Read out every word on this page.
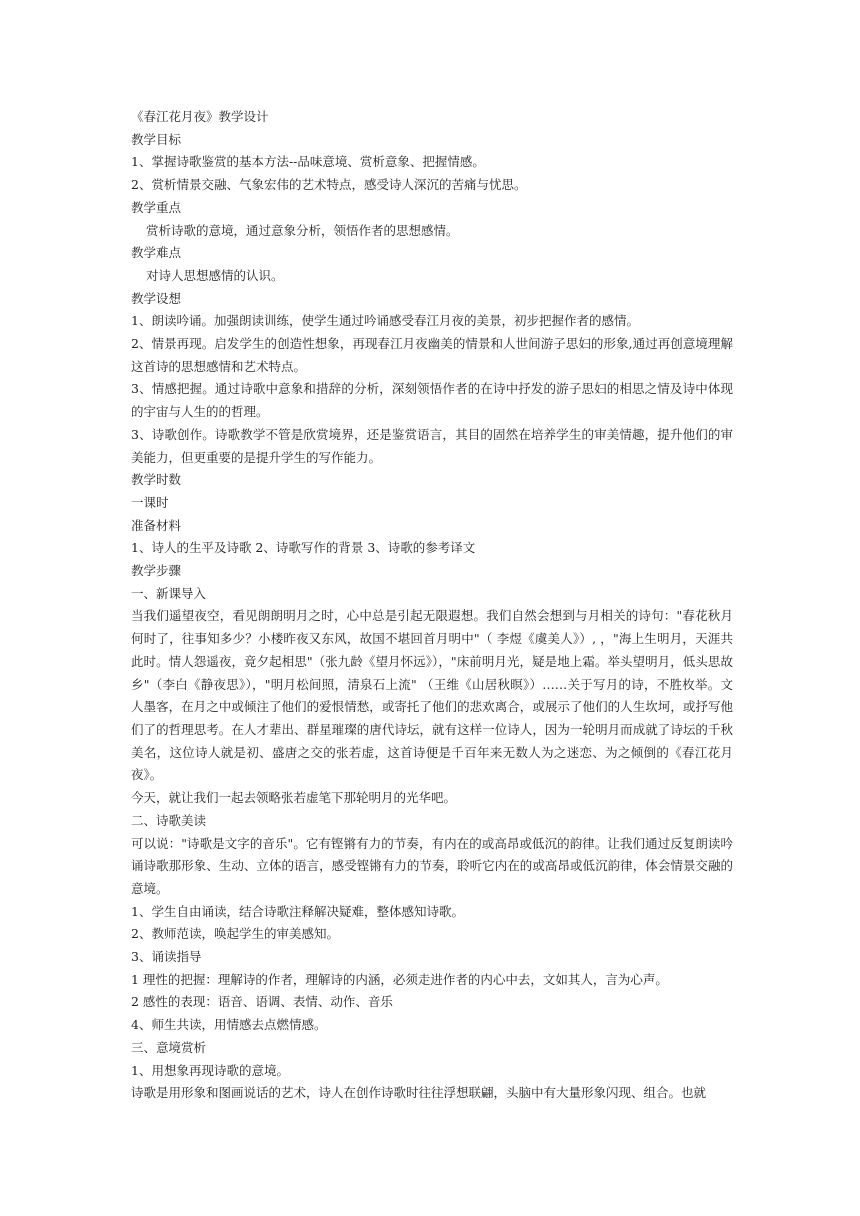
《春江花月夜》教学设计
教学目标
1、掌握诗歌鉴赏的基本方法--品味意境、赏析意象、把握情感。
2、赏析情景交融、气象宏伟的艺术特点，感受诗人深沉的苦痛与忧思。
教学重点
赏析诗歌的意境，通过意象分析，领悟作者的思想感情。
教学难点
对诗人思想感情的认识。
教学设想
1、朗读吟诵。加强朗读训练，使学生通过吟诵感受春江月夜的美景，初步把握作者的感情。
2、情景再现。启发学生的创造性想象，再现春江月夜幽美的情景和人世间游子思妇的形象,通过再创意境理解这首诗的思想感情和艺术特点。
3、情感把握。通过诗歌中意象和措辞的分析，深刻领悟作者的在诗中抒发的游子思妇的相思之情及诗中体现的宇宙与人生的的哲理。
3、诗歌创作。诗歌教学不管是欣赏境界，还是鉴赏语言，其目的固然在培养学生的审美情趣，提升他们的审美能力，但更重要的是提升学生的写作能力。
教学时数
一课时
准备材料
1、诗人的生平及诗歌 2、诗歌写作的背景 3、诗歌的参考译文
教学步骤
一、新课导入
当我们遥望夜空，看见朗朗明月之时，心中总是引起无限遐想。我们自然会想到与月相关的诗句："春花秋月何时了，往事知多少？小楼昨夜又东风，故国不堪回首月明中"（ 李煜《虞美人》）, ，"海上生明月，天涯共此时。情人怨遥夜，竟夕起相思"（张九龄《望月怀远》），"床前明月光，疑是地上霜。举头望明月，低头思故乡"（李白《静夜思》），"明月松间照，清泉石上流" （王维《山居秋暝》）……关于写月的诗，不胜枚举。文人墨客，在月之中或倾注了他们的爱恨情愁，或寄托了他们的悲欢离合，或展示了他们的人生坎坷，或抒写他们了的哲理思考。在人才辈出、群星璀璨的唐代诗坛，就有这样一位诗人，因为一轮明月而成就了诗坛的千秋美名，这位诗人就是初、盛唐之交的张若虚，这首诗便是千百年来无数人为之迷恋、为之倾倒的《春江花月夜》。
今天，就让我们一起去领略张若虚笔下那轮明月的光华吧。
二、诗歌美读
可以说："诗歌是文字的音乐"。它有铿锵有力的节奏，有内在的或高昂或低沉的韵律。让我们通过反复朗读吟诵诗歌那形象、生动、立体的语言，感受铿锵有力的节奏，聆听它内在的或高昂或低沉韵律，体会情景交融的意境。
1、学生自由诵读，结合诗歌注释解决疑难，整体感知诗歌。
2、教师范读，唤起学生的审美感知。
3、诵读指导
1 理性的把握：理解诗的作者，理解诗的内涵，必须走进作者的内心中去，文如其人，言为心声。
2 感性的表现：语音、语调、表情、动作、音乐
4、师生共读，用情感去点燃情感。
三、意境赏析
1、用想象再现诗歌的意境。
诗歌是用形象和图画说话的艺术，诗人在创作诗歌时往往浮想联翩，头脑中有大量形象闪现、组合。也就
